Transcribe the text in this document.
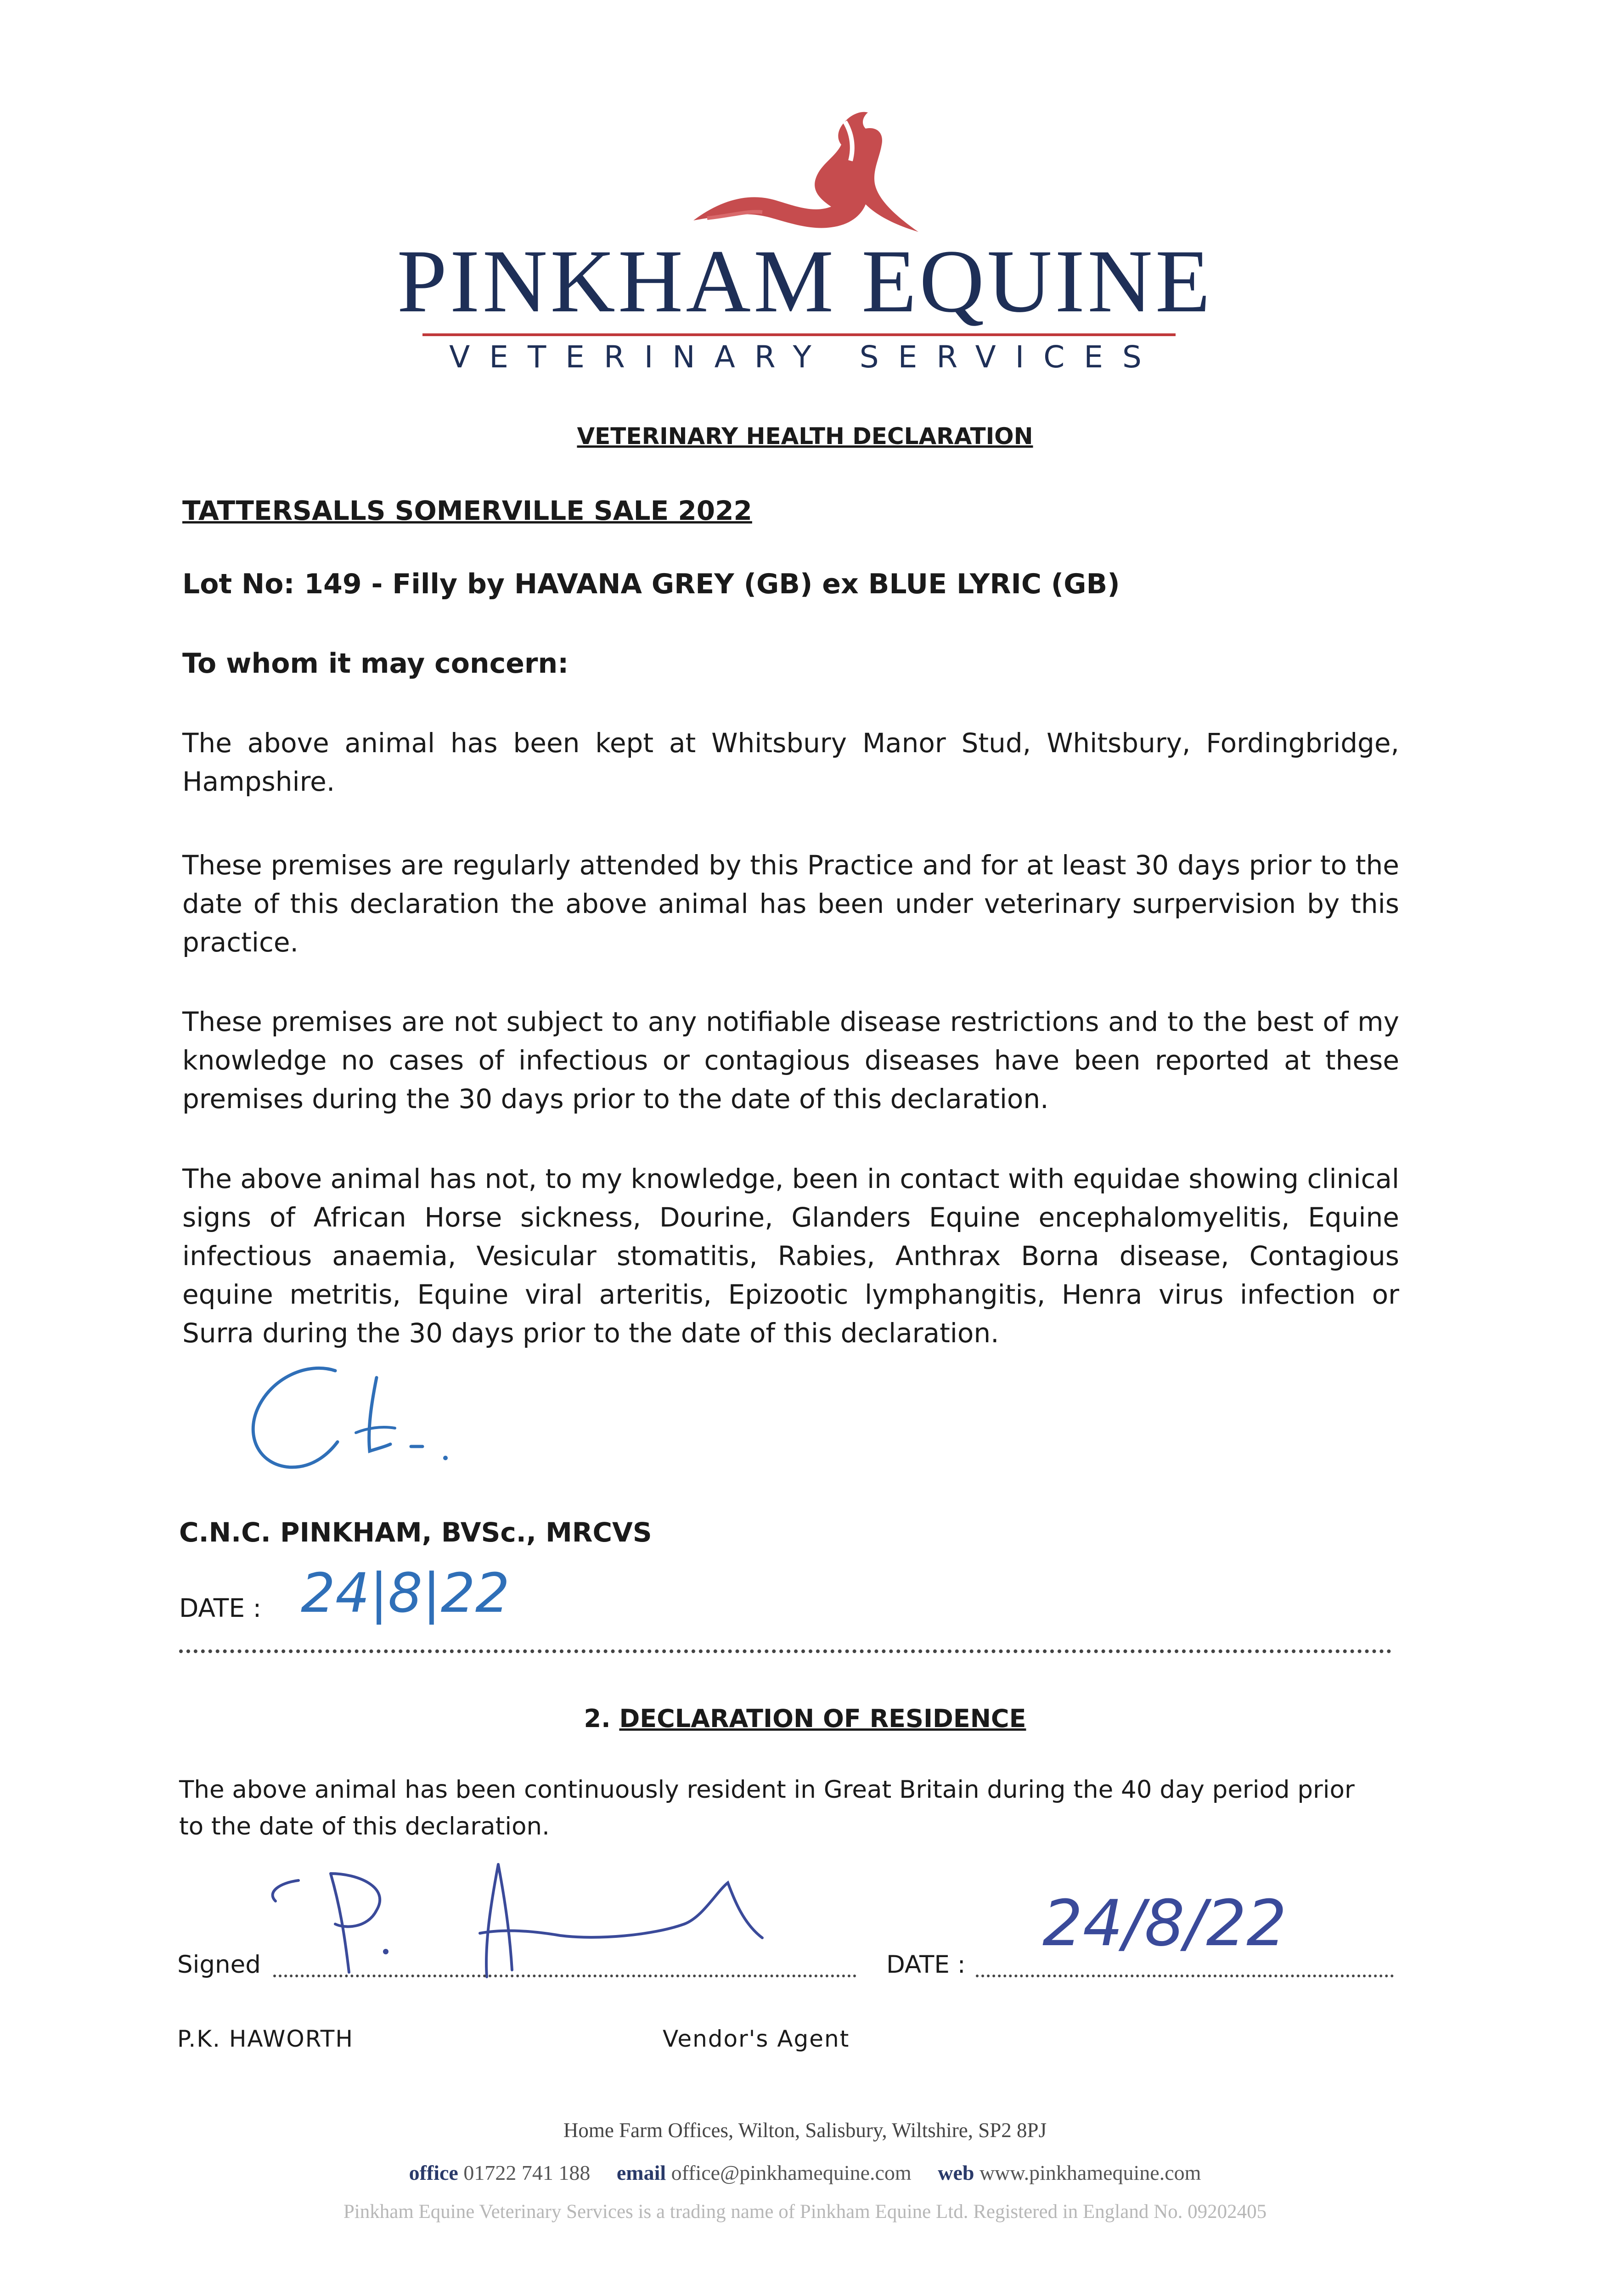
PINKHAM EQUINE
VETERINARY SERVICES
VETERINARY HEALTH DECLARATION
TATTERSALLS SOMERVILLE SALE 2022
Lot No: 149 - Filly by HAVANA GREY (GB) ex BLUE LYRIC (GB)
To whom it may concern:
The above animal has been kept at Whitsbury Manor Stud, Whitsbury, Fordingbridge, Hampshire.
These premises are regularly attended by this Practice and for at least 30 days prior to the date of this declaration the above animal has been under veterinary surpervision by this practice.
These premises are not subject to any notifiable disease restrictions and to the best of my knowledge no cases of infectious or contagious diseases have been reported at these premises during the 30 days prior to the date of this declaration.
The above animal has not, to my knowledge, been in contact with equidae showing clinical signs of African Horse sickness, Dourine, Glanders Equine encephalomyelitis, Equine infectious anaemia, Vesicular stomatitis, Rabies, Anthrax Borna disease, Contagious equine metritis, Equine viral arteritis, Epizootic lymphangitis, Henra virus infection or Surra during the 30 days prior to the date of this declaration.
C.N.C. PINKHAM, BVSc., MRCVS
DATE : 24|8|22
2. DECLARATION OF RESIDENCE
The above animal has been continuously resident in Great Britain during the 40 day period prior to the date of this declaration.
Signed	DATE :
24/8/22
P.K. HAWORTH	Vendor's Agent
Home Farm Offices, Wilton, Salisbury, Wiltshire, SP2 8PJ
office 01722 741 188 email office@pinkhamequine.com web www.pinkhamequine.com
Pinkham Equine Veterinary Services is a trading name of Pinkham Equine Ltd. Registered in England No. 09202405
